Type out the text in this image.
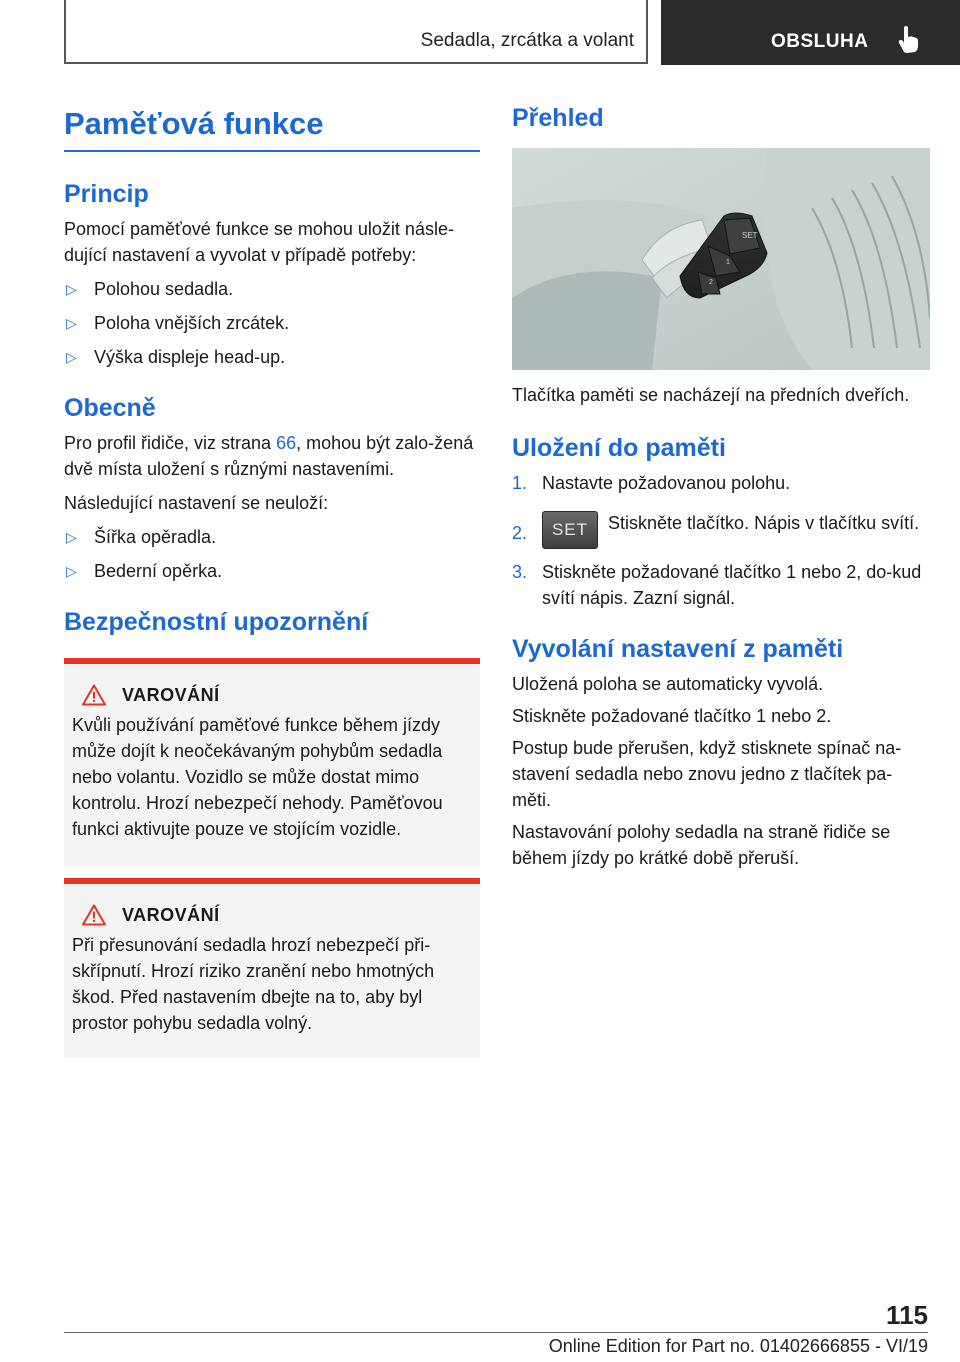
Sedadla, zrcátka a volant	OBSLUHA
Paměťová funkce
Princip

Pomocí paměťové funkce se mohou uložit násle‐dující nastavení a vyvolat v případě potřeby:

▷ Polohou sedadla.
▷ Poloha vnějších zrcátek.
▷ Výška displeje head-up.
Obecně

Pro profil řidiče, viz strana 66, mohou být zalo‐žená dvě místa uložení s různými nastaveními.

Následující nastavení se neuloží:

▷ Šířka opěradla.
▷ Bederní opěrka.
Bezpečnostní upozornění
VAROVÁNÍ
Kvůli používání paměťové funkce během jízdy může dojít k neočekávaným pohybům sedadla nebo volantu. Vozidlo se může dostat mimo kontrolu. Hrozí nebezpečí nehody. Paměťovou funkci aktivujte pouze ve stojícím vozidle.
VAROVÁNÍ
Při přesunování sedadla hrozí nebezpečí při‐skřípnutí. Hrozí riziko zranění nebo hmotných škod. Před nastavením dbejte na to, aby byl prostor pohybu sedadla volný.
Přehled
SET
1
2

Tlačítka paměti se nacházejí na předních dveřích.

Uložení do paměti
1. Nastavte požadovanou polohu.
2. SET Stiskněte tlačítko. Nápis v tlačítku svítí.
3. Stiskněte požadované tlačítko 1 nebo 2, do‐kud svítí nápis. Zazní signál.
Vyvolání nastavení z paměti

Uložená poloha se automaticky vyvolá.

Stiskněte požadované tlačítko 1 nebo 2.

Postup bude přerušen, když stisknete spínač na‐stavení sedadla nebo znovu jedno z tlačítek pa‐měti.

Nastavování polohy sedadla na straně řidiče se během jízdy po krátké době přeruší.

115
Online Edition for Part no. 01402666855 - VI/19
